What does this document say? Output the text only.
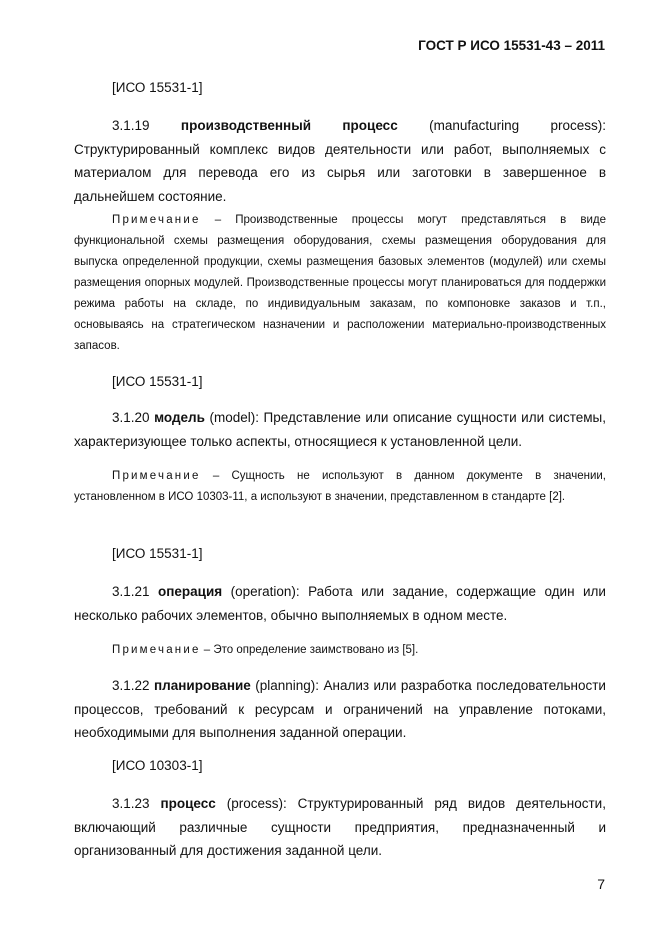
ГОСТ Р ИСО 15531-43 – 2011
[ИСО 15531-1]

3.1.19 производственный процесс (manufacturing process): Структурированный комплекс видов деятельности или работ, выполняемых с материалом для перевода его из сырья или заготовки в завершенное в дальнейшем состояние.

Примечание – Производственные процессы могут представляться в виде функциональной схемы размещения оборудования, схемы размещения оборудования для выпуска определенной продукции, схемы размещения базовых элементов (модулей) или схемы размещения опорных модулей. Производственные процессы могут планироваться для поддержки режима работы на складе, по индивидуальным заказам, по компоновке заказов и т.п., основываясь на стратегическом назначении и расположении материально-производственных запасов.

[ИСО 15531-1]

3.1.20 модель (model): Представление или описание сущности или системы, характеризующее только аспекты, относящиеся к установленной цели.

Примечание – Сущность не используют в данном документе в значении, установленном в ИСО 10303-11, а используют в значении, представленном в стандарте [2].

[ИСО 15531-1]

3.1.21 операция (operation): Работа или задание, содержащие один или несколько рабочих элементов, обычно выполняемых в одном месте.

Примечание – Это определение заимствовано из [5].

3.1.22 планирование (planning): Анализ или разработка последовательности процессов, требований к ресурсам и ограничений на управление потоками, необходимыми для выполнения заданной операции.

[ИСО 10303-1]

3.1.23 процесс (process): Структурированный ряд видов деятельности, включающий различные сущности предприятия, предназначенный и организованный для достижения заданной цели.

7
